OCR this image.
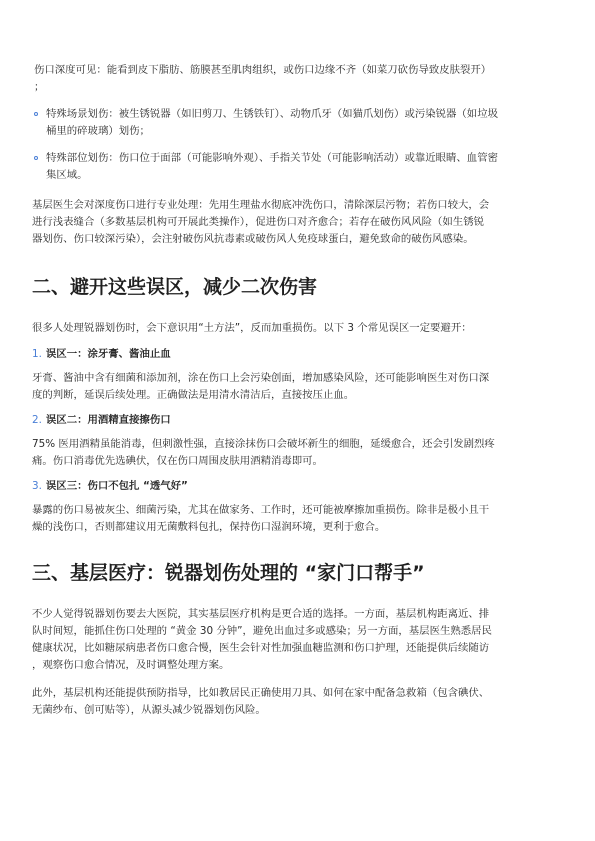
伤口深度可见：能看到皮下脂肪、筋膜甚至肌肉组织，或伤口边缘不齐（如菜刀砍伤导致皮肤裂开）

；

特殊场景划伤：被生锈锐器（如旧剪刀、生锈铁钉）、动物爪牙（如猫爪划伤）或污染锐器（如垃圾
桶里的碎玻璃）划伤；
特殊部位划伤：伤口位于面部（可能影响外观）、手指关节处（可能影响活动）或靠近眼睛、血管密
集区域。

基层医生会对深度伤口进行专业处理：先用生理盐水彻底冲洗伤口，清除深层污物；若伤口较大，会

进行浅表缝合（多数基层机构可开展此类操作），促进伤口对齐愈合；若存在破伤风风险（如生锈锐

器划伤、伤口较深污染），会注射破伤风抗毒素或破伤风人免疫球蛋白，避免致命的破伤风感染。

二、避开这些误区，减少二次伤害

很多人处理锐器划伤时，会下意识用“土方法”，反而加重损伤。以下 3 个常见误区一定要避开：

1. 误区一：涂牙膏、酱油止血

牙膏、酱油中含有细菌和添加剂，涂在伤口上会污染创面，增加感染风险，还可能影响医生对伤口深

度的判断，延误后续处理。正确做法是用清水清洁后，直接按压止血。

2. 误区二：用酒精直接擦伤口

75% 医用酒精虽能消毒，但刺激性强，直接涂抹伤口会破坏新生的细胞，延缓愈合，还会引发剧烈疼

痛。伤口消毒优先选碘伏，仅在伤口周围皮肤用酒精消毒即可。

3. 误区三：伤口不包扎 “透气好”

暴露的伤口易被灰尘、细菌污染，尤其在做家务、工作时，还可能被摩擦加重损伤。除非是极小且干

燥的浅伤口，否则都建议用无菌敷料包扎，保持伤口湿润环境，更利于愈合。

三、基层医疗：锐器划伤处理的 “家门口帮手”

不少人觉得锐器划伤要去大医院，其实基层医疗机构是更合适的选择。一方面，基层机构距离近、排

队时间短，能抓住伤口处理的 “黄金 30 分钟”，避免出血过多或感染；另一方面，基层医生熟悉居民

健康状况，比如糖尿病患者伤口愈合慢，医生会针对性加强血糖监测和伤口护理，还能提供后续随访

，观察伤口愈合情况，及时调整处理方案。

此外，基层机构还能提供预防指导，比如教居民正确使用刀具、如何在家中配备急救箱（包含碘伏、

无菌纱布、创可贴等），从源头减少锐器划伤风险。
